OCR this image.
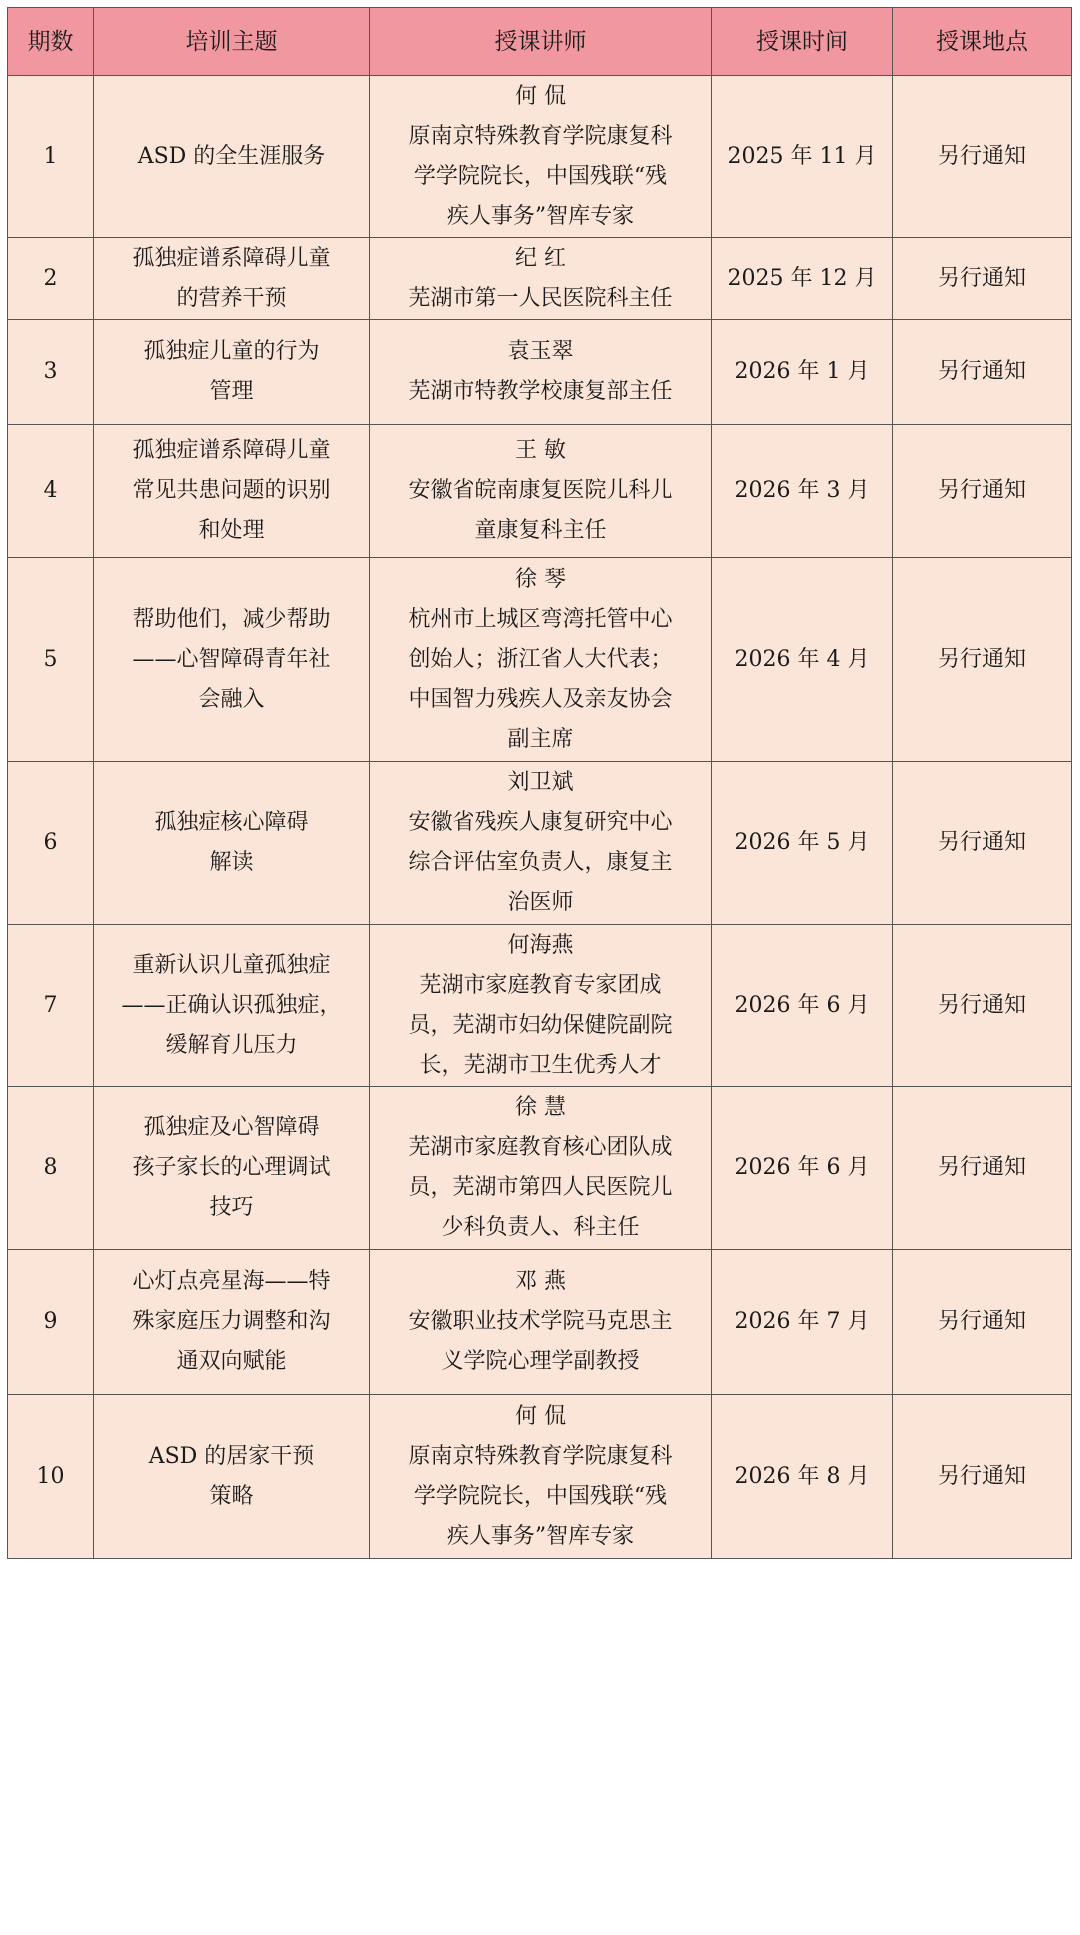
期数	培训主题	授课讲师	授课时间	授课地点
1	ASD 的全生涯服务	何 侃
原南京特殊教育学院康复科
学学院院长，中国残联“残
疾人事务”智库专家	2025 年 11 月	另行通知
2	孤独症谱系障碍儿童
的营养干预	纪 红
芜湖市第一人民医院科主任	2025 年 12 月	另行通知
3	孤独症儿童的行为
管理	袁玉翠
芜湖市特教学校康复部主任	2026 年 1 月	另行通知
4	孤独症谱系障碍儿童
常见共患问题的识别
和处理	王 敏
安徽省皖南康复医院儿科儿
童康复科主任	2026 年 3 月	另行通知
5	帮助他们，减少帮助
——心智障碍青年社
会融入	徐 琴
杭州市上城区弯湾托管中心
创始人；浙江省人大代表；
中国智力残疾人及亲友协会
副主席	2026 年 4 月	另行通知
6	孤独症核心障碍
解读	刘卫斌
安徽省残疾人康复研究中心
综合评估室负责人，康复主
治医师	2026 年 5 月	另行通知
7	重新认识儿童孤独症
——正确认识孤独症，
缓解育儿压力	何海燕
芜湖市家庭教育专家团成
员，芜湖市妇幼保健院副院
长，芜湖市卫生优秀人才	2026 年 6 月	另行通知
8	孤独症及心智障碍
孩子家长的心理调试
技巧	徐 慧
芜湖市家庭教育核心团队成
员，芜湖市第四人民医院儿
少科负责人、科主任	2026 年 6 月	另行通知
9	心灯点亮星海——特
殊家庭压力调整和沟
通双向赋能	邓 燕
安徽职业技术学院马克思主
义学院心理学副教授	2026 年 7 月	另行通知
10	ASD 的居家干预
策略	何 侃
原南京特殊教育学院康复科
学学院院长，中国残联“残
疾人事务”智库专家	2026 年 8 月	另行通知
